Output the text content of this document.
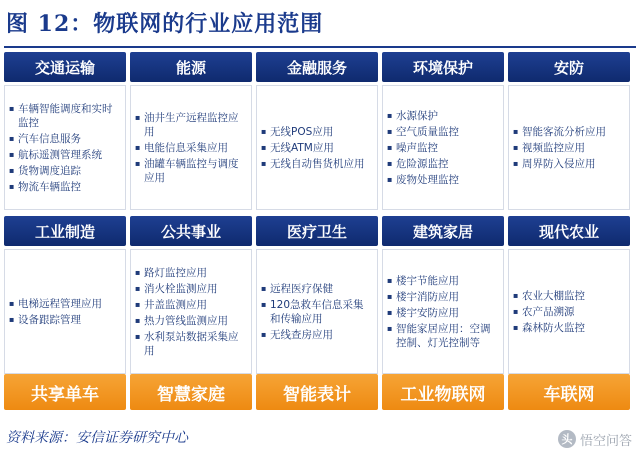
图 12：物联网的行业应用范围
交通运输
▪ 车辆智能调度和实时监控
▪ 汽车信息服务
▪ 航标遥测管理系统
▪ 货物调度追踪
▪ 物流车辆监控
能源
▪ 油井生产远程监控应用
▪ 电能信息采集应用
▪ 油罐车辆监控与调度应用
金融服务
▪ 无线POS应用
▪ 无线ATM应用
▪ 无线自动售货机应用
环境保护
▪ 水源保护
▪ 空气质量监控
▪ 噪声监控
▪ 危险源监控
▪ 废物处理监控
安防
▪ 智能客流分析应用
▪ 视频监控应用
▪ 周界防入侵应用
工业制造
▪ 电梯远程管理应用
▪ 设备跟踪管理
公共事业
▪ 路灯监控应用
▪ 消火栓监测应用
▪ 井盖监测应用
▪ 热力管线监测应用
▪ 水利泵站数据采集应用
医疗卫生
▪ 远程医疗保健
▪ 120急救车信息采集和传输应用
▪ 无线查房应用
建筑家居
▪ 楼宇节能应用
▪ 楼宇消防应用
▪ 楼宇安防应用
▪ 智能家居应用：空调控制、灯光控制等
现代农业
▪ 农业大棚监控
▪ 农产品溯源
▪ 森林防火监控
共享单车	智慧家庭	智能表计	工业物联网	车联网
资料来源：安信证券研究中心	头 悟空问答
